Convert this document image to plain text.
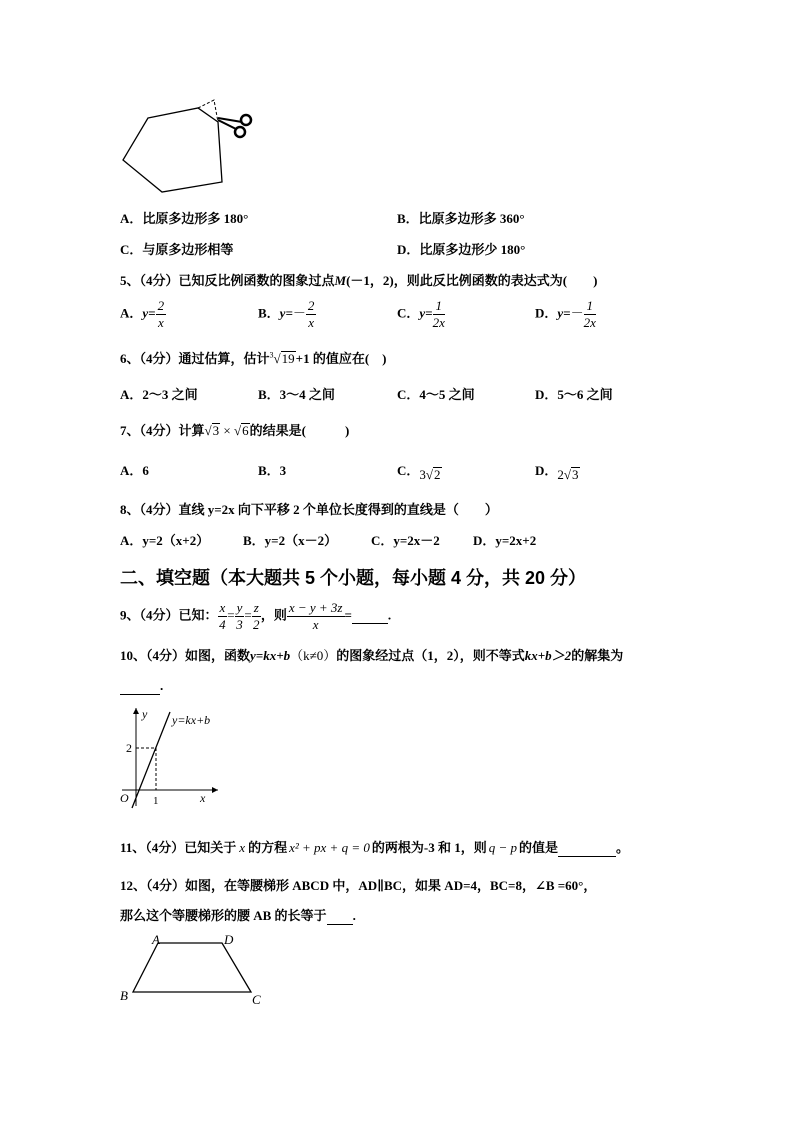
A．比原多边形多 180°	B．比原多边形多 360°
C．与原多边形相等	D．比原多边形少 180°
5、（4分）已知反比例函数的图象过点M(－1，2)，则此反比例函数的表达式为(　　)
A．$y= \frac{2}{x}$	B．$y=- \frac{2}{x}$	C．$y= \frac{1}{2x}$	D．$y=- \frac{1}{2x}$
6、（4分）通过估算，估计$^3$√19+1 的值应在(　)
A．2～3 之间	B．3～4 之间	C．4～5 之间	D．5～6 之间
7、（4分）计算√3 × √6的结果是(　　　)
A．6	B．3	C．3√2	D．2√3
8、（4分）直线 y=2x 向下平移 2 个单位长度得到的直线是（　　）
A．y=2（x+2）	B．y=2（x－2）	C．y=2x－2	D．y=2x+2
二、填空题（本大题共 5 个小题，每小题 4 分，共 20 分）
9、（4分）已知： $\frac{x}{4} = \frac{y}{3} = \frac{z}{2}$ ，则 $\frac{x - y + 3z}{x}$ =	.
10、（4分）如图，函数y=kx+b（k≠0）的图象经过点（1，2），则不等式kx+b＞2的解集为
.
y y=kx+b
2
O 1	x
11、（4分）已知关于 x 的方程 x² + px + q = 0 的两根为-3 和 1，则 q − p 的值是	。
12、（4分）如图，在等腰梯形 ABCD 中，AD∥BC，如果 AD=4，BC=8，∠B =60°，
那么这个等腰梯形的腰 AB 的长等于 .
A	D
B	C
